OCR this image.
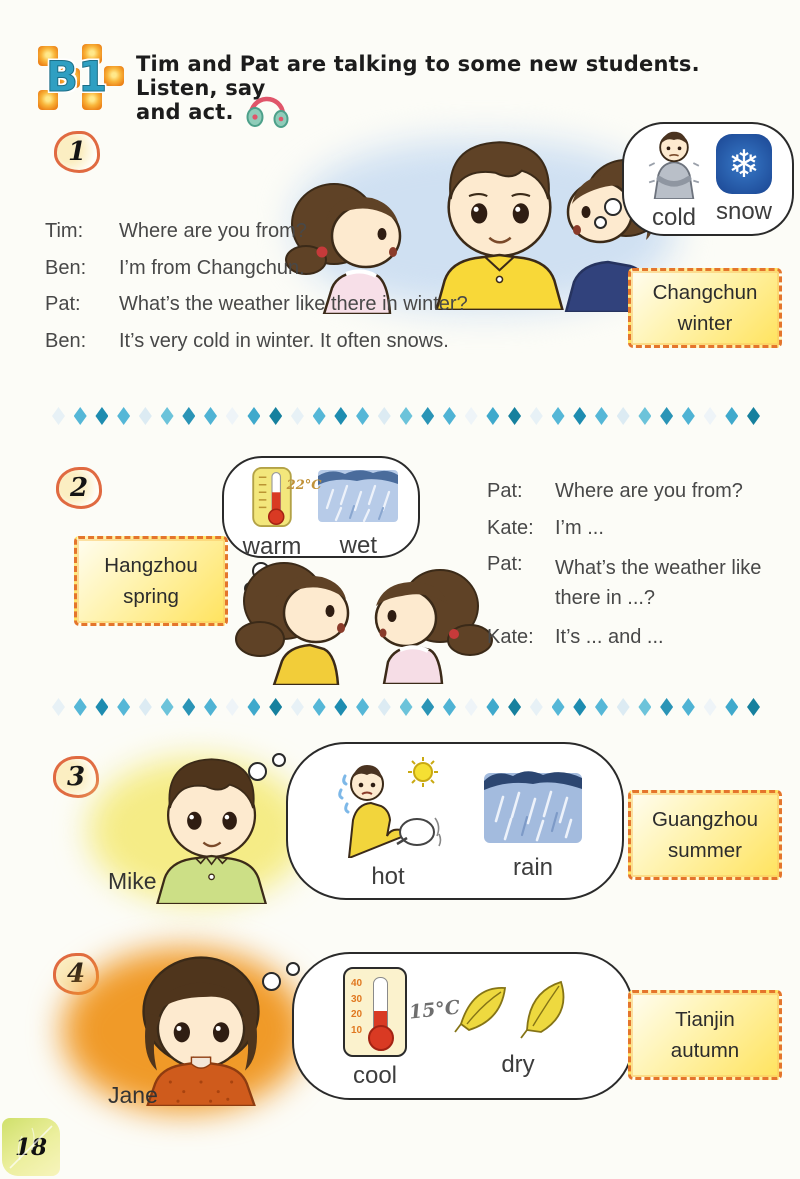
B1 Tim and Pat are talking to some new students. Listen, say
and act.
1
cold
❄
snow
Changchun
winter
Tim:	Where are you from?
Ben:	I’m from Changchun.
Pat:	What’s the weather like there in winter?
Ben:	It’s very cold in winter. It often snows.
2	22°C
warm wet
Hangzhou
spring
Pat:	Where are you from?
Kate:	I’m ...
Pat:	What’s the weather like there in ...?
Kate:	It’s ... and ...
3
Mike	hot	rain
Guangzhou
summer
4
Jane
40
30
20
10
15°C
cool	dry
Tianjin
autumn
18
